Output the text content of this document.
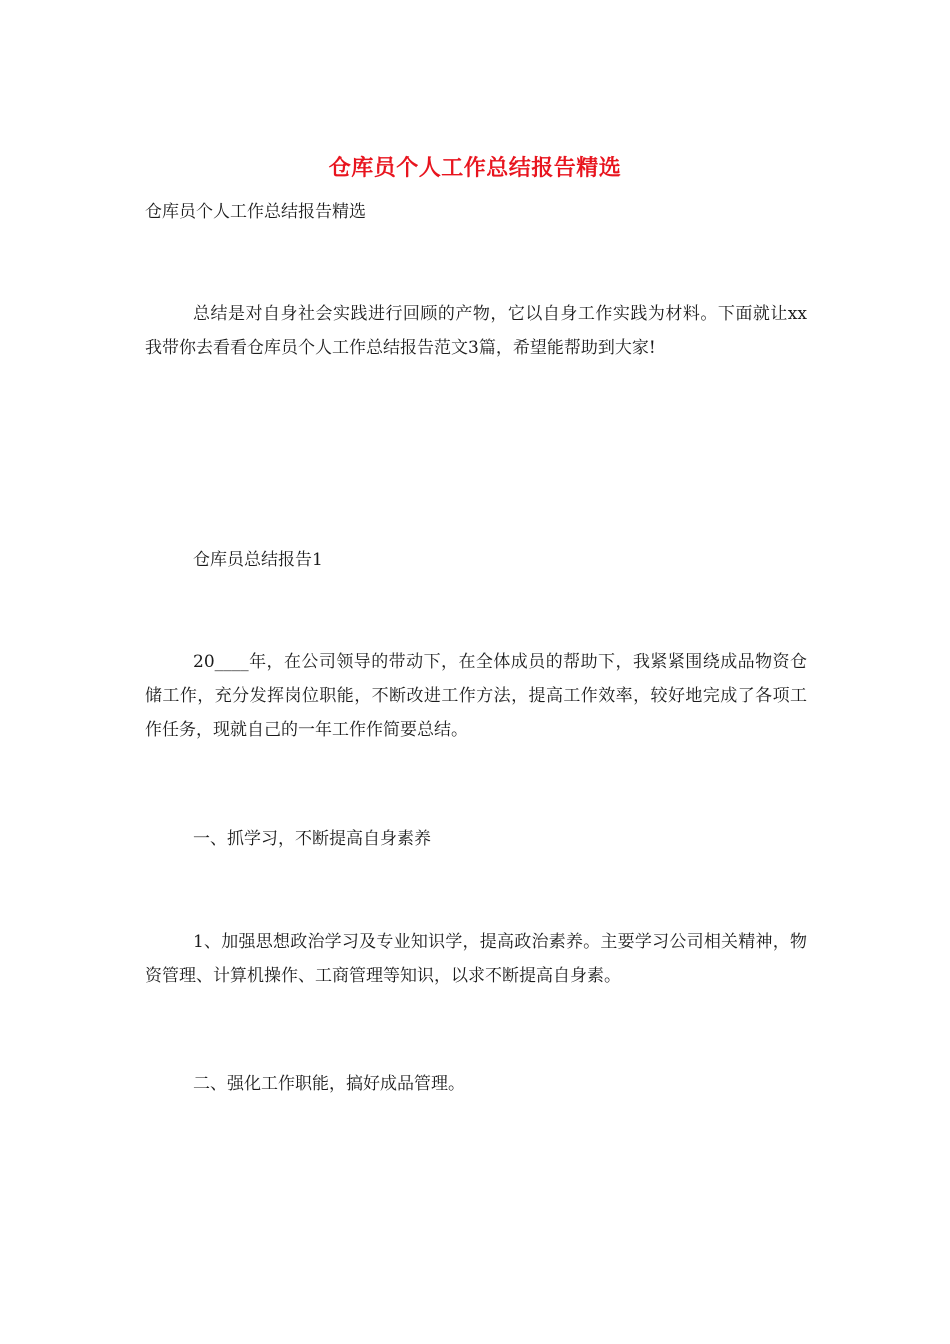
仓库员个人工作总结报告精选
仓库员个人工作总结报告精选

总结是对自身社会实践进行回顾的产物，它以自身工作实践为材料。下面就让xx我带你去看看仓库员个人工作总结报告范文3篇，希望能帮助到大家!

仓库员总结报告1

20____年，在公司领导的带动下，在全体成员的帮助下，我紧紧围绕成品物资仓储工作，充分发挥岗位职能，不断改进工作方法，提高工作效率，较好地完成了各项工作任务，现就自己的一年工作作简要总结。

一、抓学习，不断提高自身素养

1、加强思想政治学习及专业知识学，提高政治素养。主要学习公司相关精神，物资管理、计算机操作、工商管理等知识，以求不断提高自身素。

二、强化工作职能，搞好成品管理。
